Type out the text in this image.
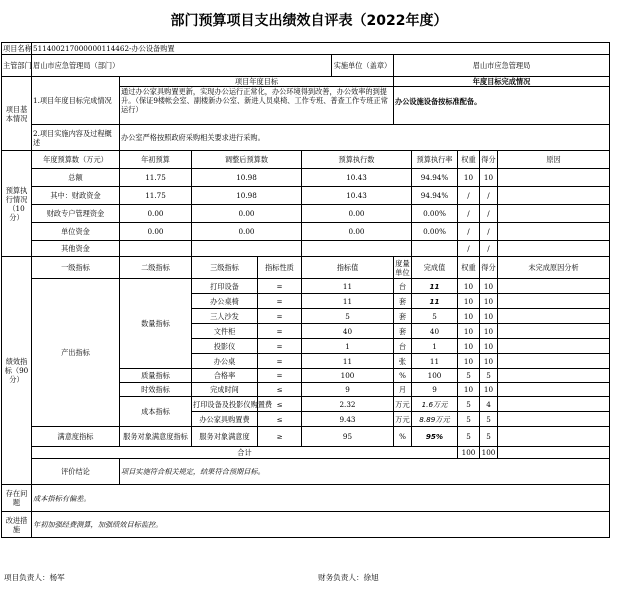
部门预算项目支出绩效自评表（2022年度）
项目名称	511400217000000114462-办公设备购置										
主管部门	眉山市应急管理局（部门）					实施单位（盖章）	眉山市应急管理局				
项目基本情况	1.项目年度目标完成情况	项目年度目标					年度目标完成情况				
		通过办公家具购置更新，实现办公运行正常化，办公环境得到改善，办公效率的到提升。（保证9楼帐会室、副楼新办公室、新进人员桌椅、工作专班、普查工作专班正常运行）					办公设施设备按标准配备。				
	2.项目实施内容及过程概述	办公室严格按照政府采购相关要求进行采购。									
预算执行情况（10分）	年度预算数（万元）	年初预算	调整后预算数		预算执行数			预算执行率	权重	得分	原因
	总额	11.75	10.98		10.43			94.94%	10	10	
	其中：财政资金	11.75	10.98		10.43			94.94%	/	/	
	财政专户管理资金	0.00	0.00		0.00			0.00%	/	/	
	单位资金	0.00	0.00		0.00			0.00%	/	/	
	其他资金								/	/	
绩效指标（90分）	一级指标	二级指标	三级指标	指标性质	指标值		度量单位	完成值	权重	得分	未完成原因分析
	产出指标	数量指标	打印设备	=	11		台	11	10	10	
			办公桌椅	=	11		套	11	10	10	
			三人沙发	=	5		套	5	10	10	
			文件柜	=	40		套	40	10	10	
			投影仪	=	1		台	1	10	10	
			办公桌	=	11		张	11	10	10	
		质量指标	合格率	=	100		%	100	5	5	
		时效指标	完成时间	≤	9		月	9	10	10	
		成本指标	打印设备及投影仪购置费	≤	2.32		万元	1.6万元	5	4	
			办公家具购置费	≤	9.43		万元	8.89万元	5	5	
	满意度指标	服务对象满意度指标	服务对象满意度	≥	95		%	95%	5	5	
	合计								100	100	
	评价结论	项目实施符合相关规定，结果符合预期目标。									
存在问题	成本指标有偏差。										
改进措施	年初加强经费测算，加强绩效目标监控。										
项目负责人：杨军	财务负责人：徐旭
